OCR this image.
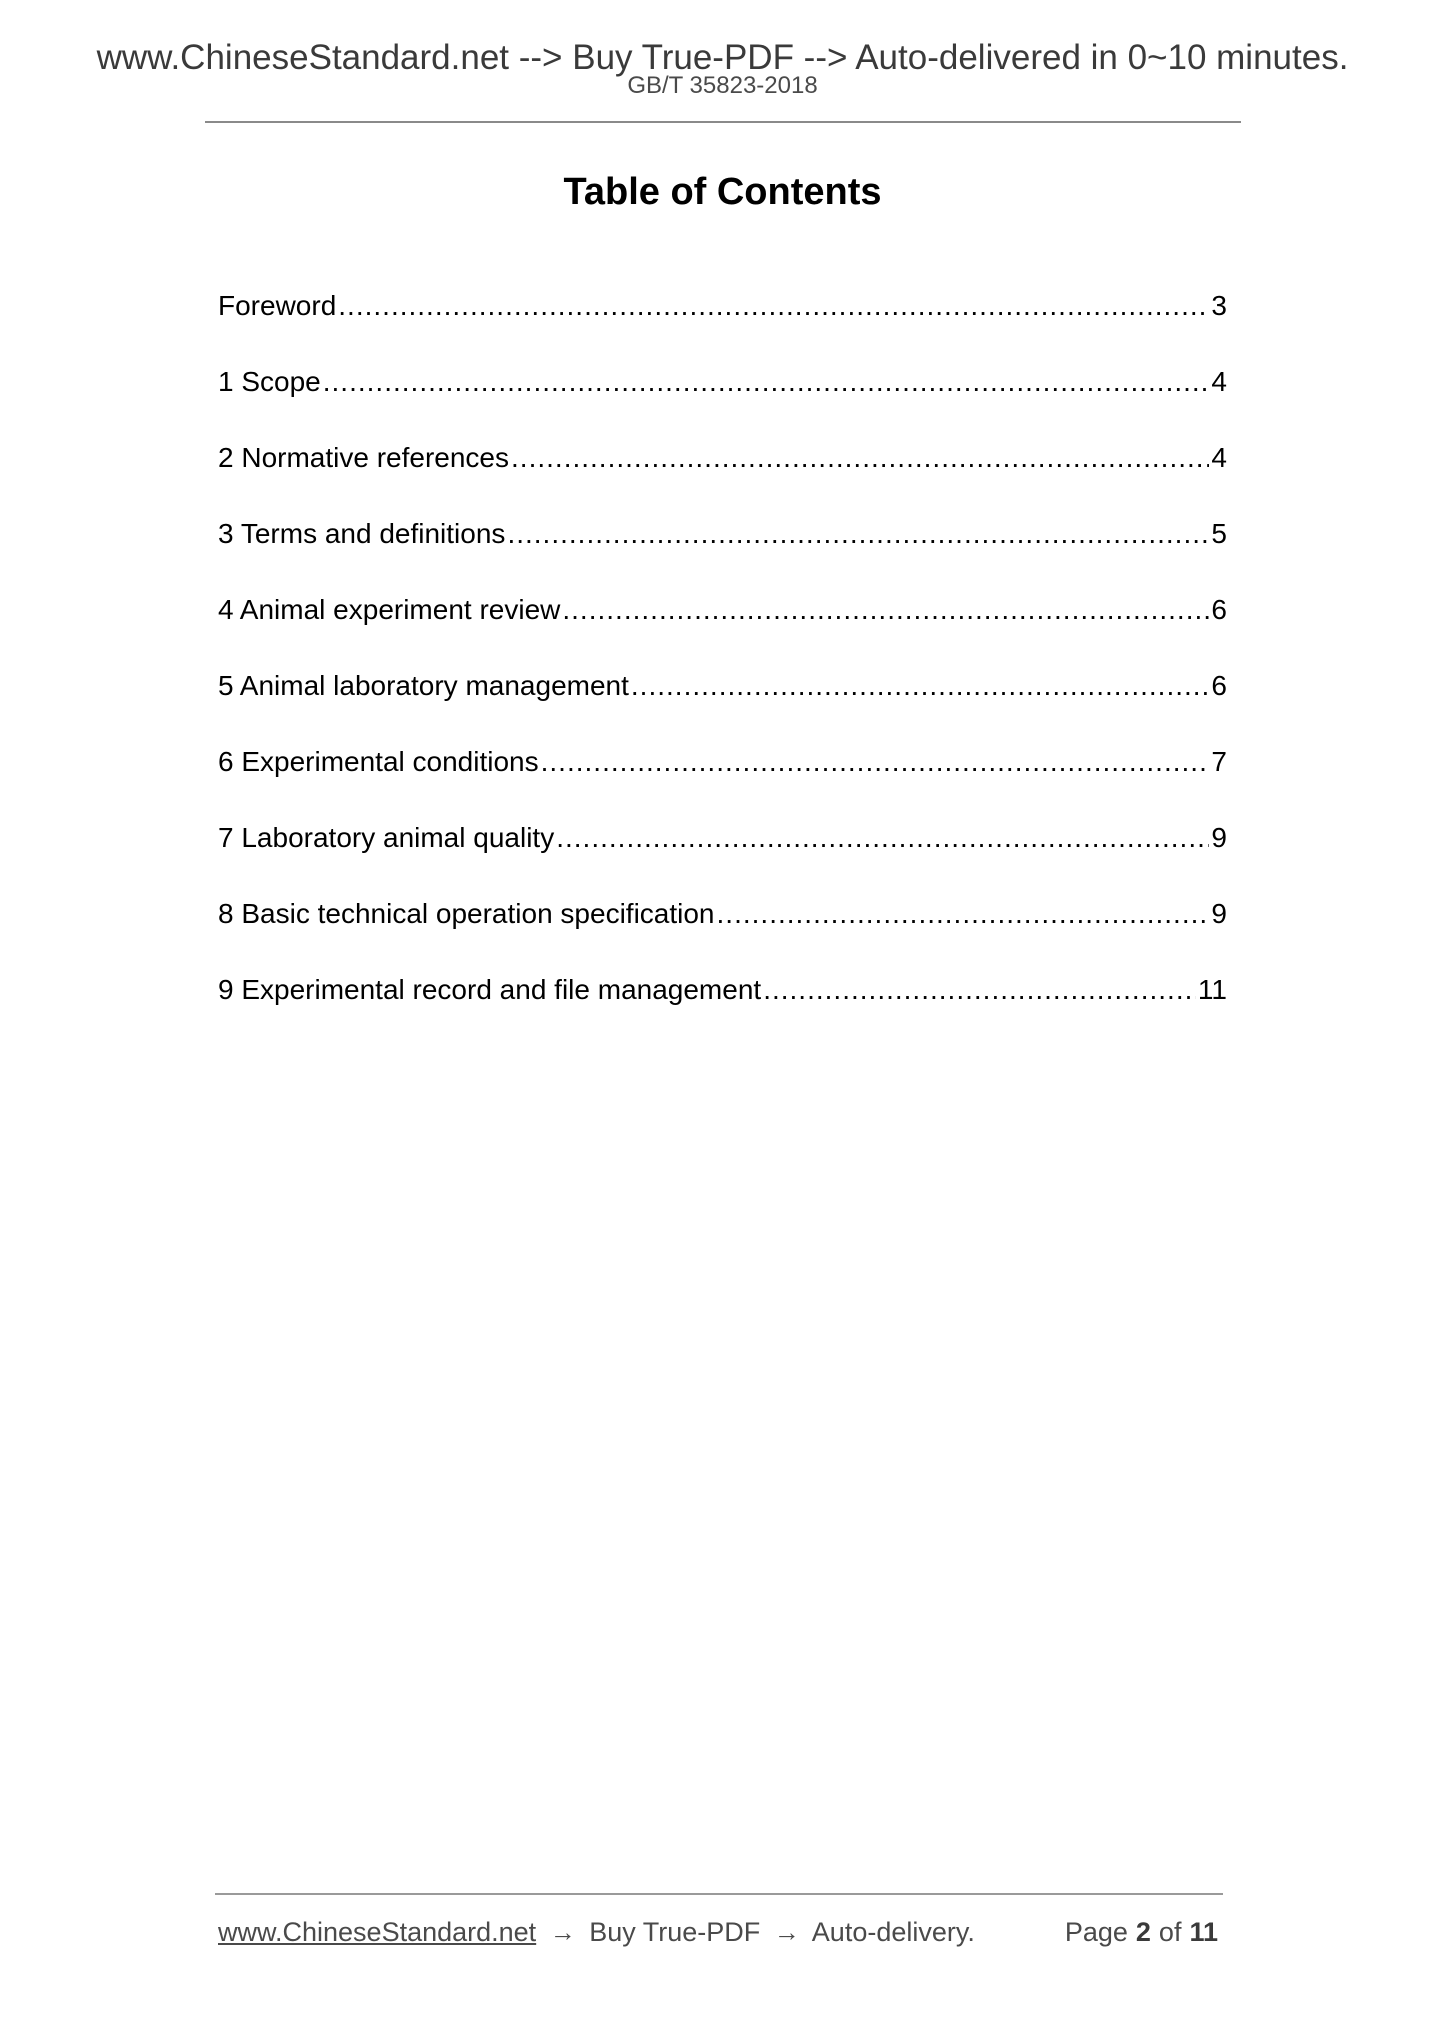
www.ChineseStandard.net --> Buy True-PDF --> Auto-delivered in 0~10 minutes.
GB/T 35823-2018
Table of Contents
Foreword .....	3
1 Scope .....	4
2 Normative references .....	4
3 Terms and definitions .....	5
4 Animal experiment review .....	6
5 Animal laboratory management .....	6
6 Experimental conditions .....	7
7 Laboratory animal quality .....	9
8 Basic technical operation specification .....	9
9 Experimental record and file management .....	11
www.ChineseStandard.net → Buy True-PDF → Auto-delivery.	Page 2 of 11
